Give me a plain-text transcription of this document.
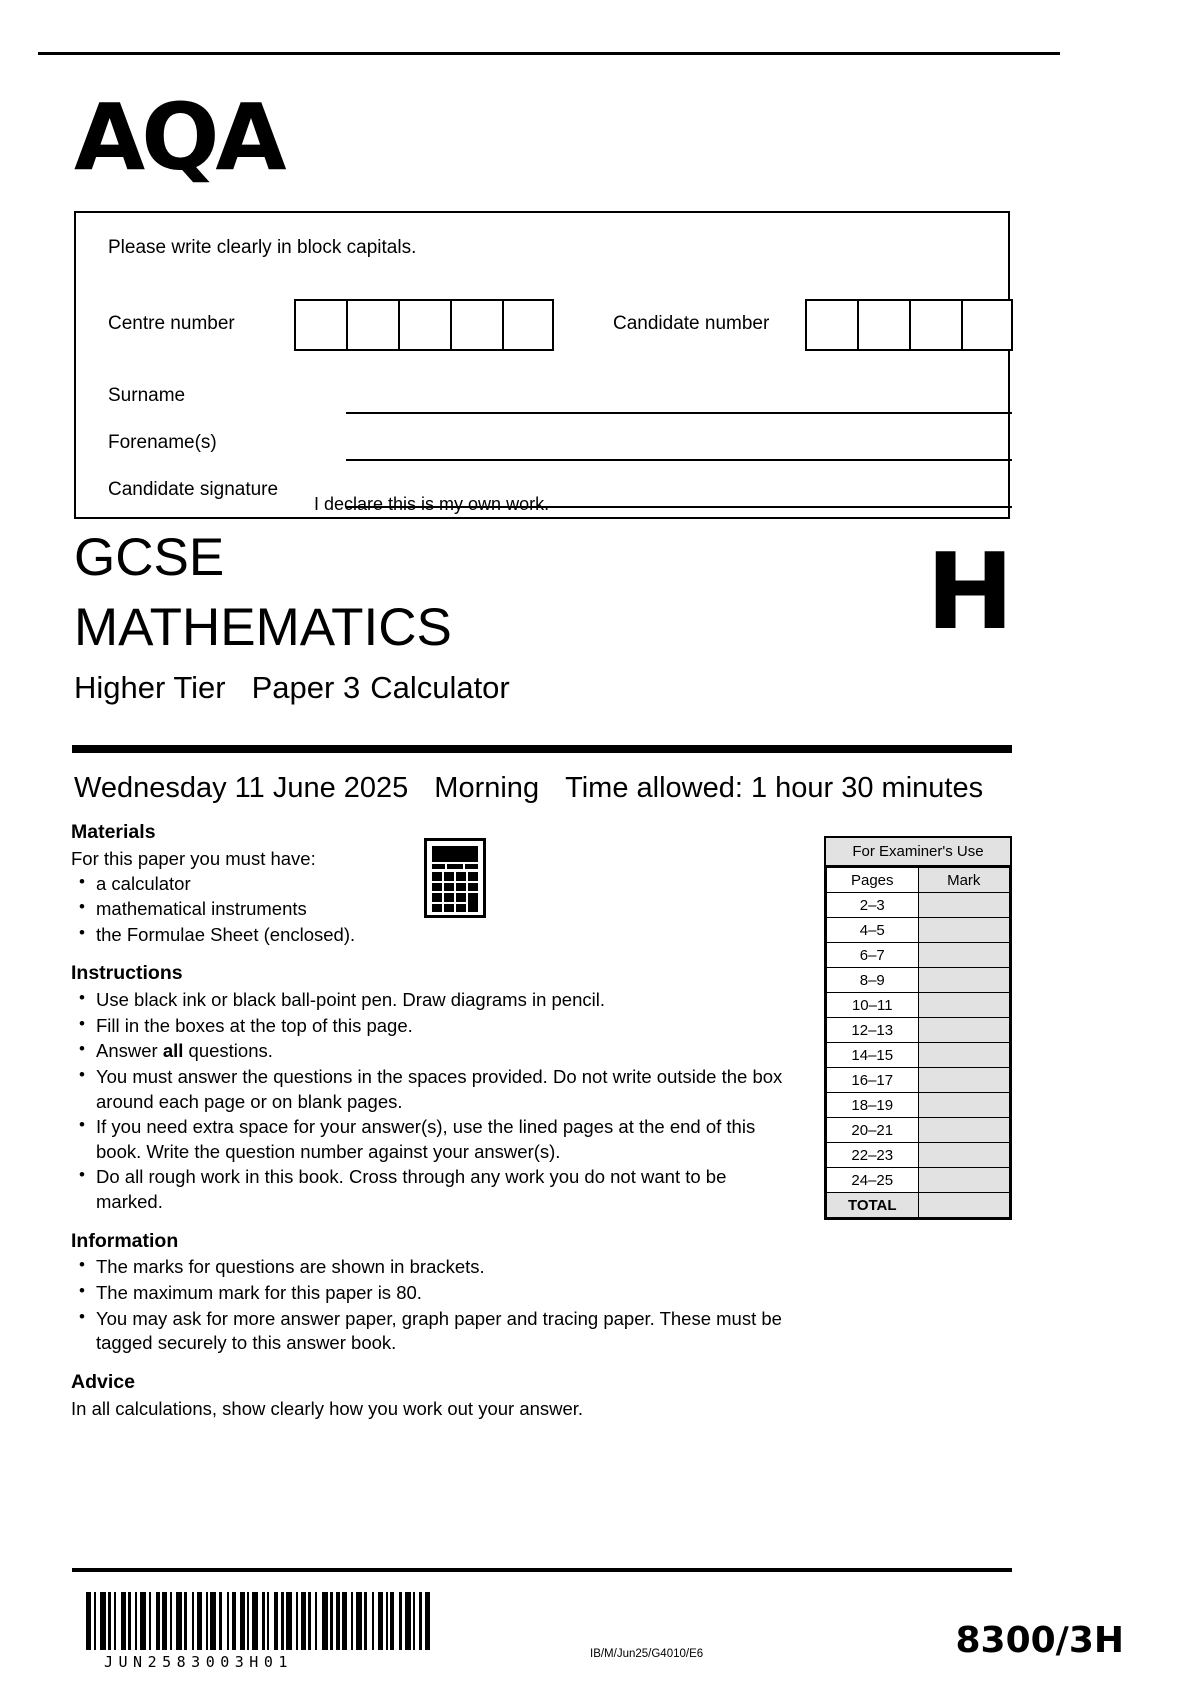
AQA
Please write clearly in block capitals.
Centre number	Candidate number
Surname
Forename(s)
Candidate signature
I declare this is my own work.
GCSE
MATHEMATICS
Higher Tier Paper 3 Calculator
H
Wednesday 11 June 2025 Morning Time allowed: 1 hour 30 minutes
Materials
For this paper you must have:
• a calculator
• mathematical instruments
• the Formulae Sheet (enclosed).
Instructions
• Use black ink or black ball-point pen. Draw diagrams in pencil.
• Fill in the boxes at the top of this page.
• Answer all questions.
• You must answer the questions in the spaces provided. Do not write outside the box around each page or on blank pages.
• If you need extra space for your answer(s), use the lined pages at the end of this book. Write the question number against your answer(s).
• Do all rough work in this book. Cross through any work you do not want to be marked.
Information
• The marks for questions are shown in brackets.
• The maximum mark for this paper is 80.
• You may ask for more answer paper, graph paper and tracing paper. These must be tagged securely to this answer book.
Advice
In all calculations, show clearly how you work out your answer.
For Examiner's Use
Pages	Mark
2–3	
4–5	
6–7	
8–9	
10–11	
12–13	
14–15	
16–17	
18–19	
20–21	
22–23	
24–25	
TOTAL	
JUN2583003H01	IB/M/Jun25/G4010/E6	8300/3H
